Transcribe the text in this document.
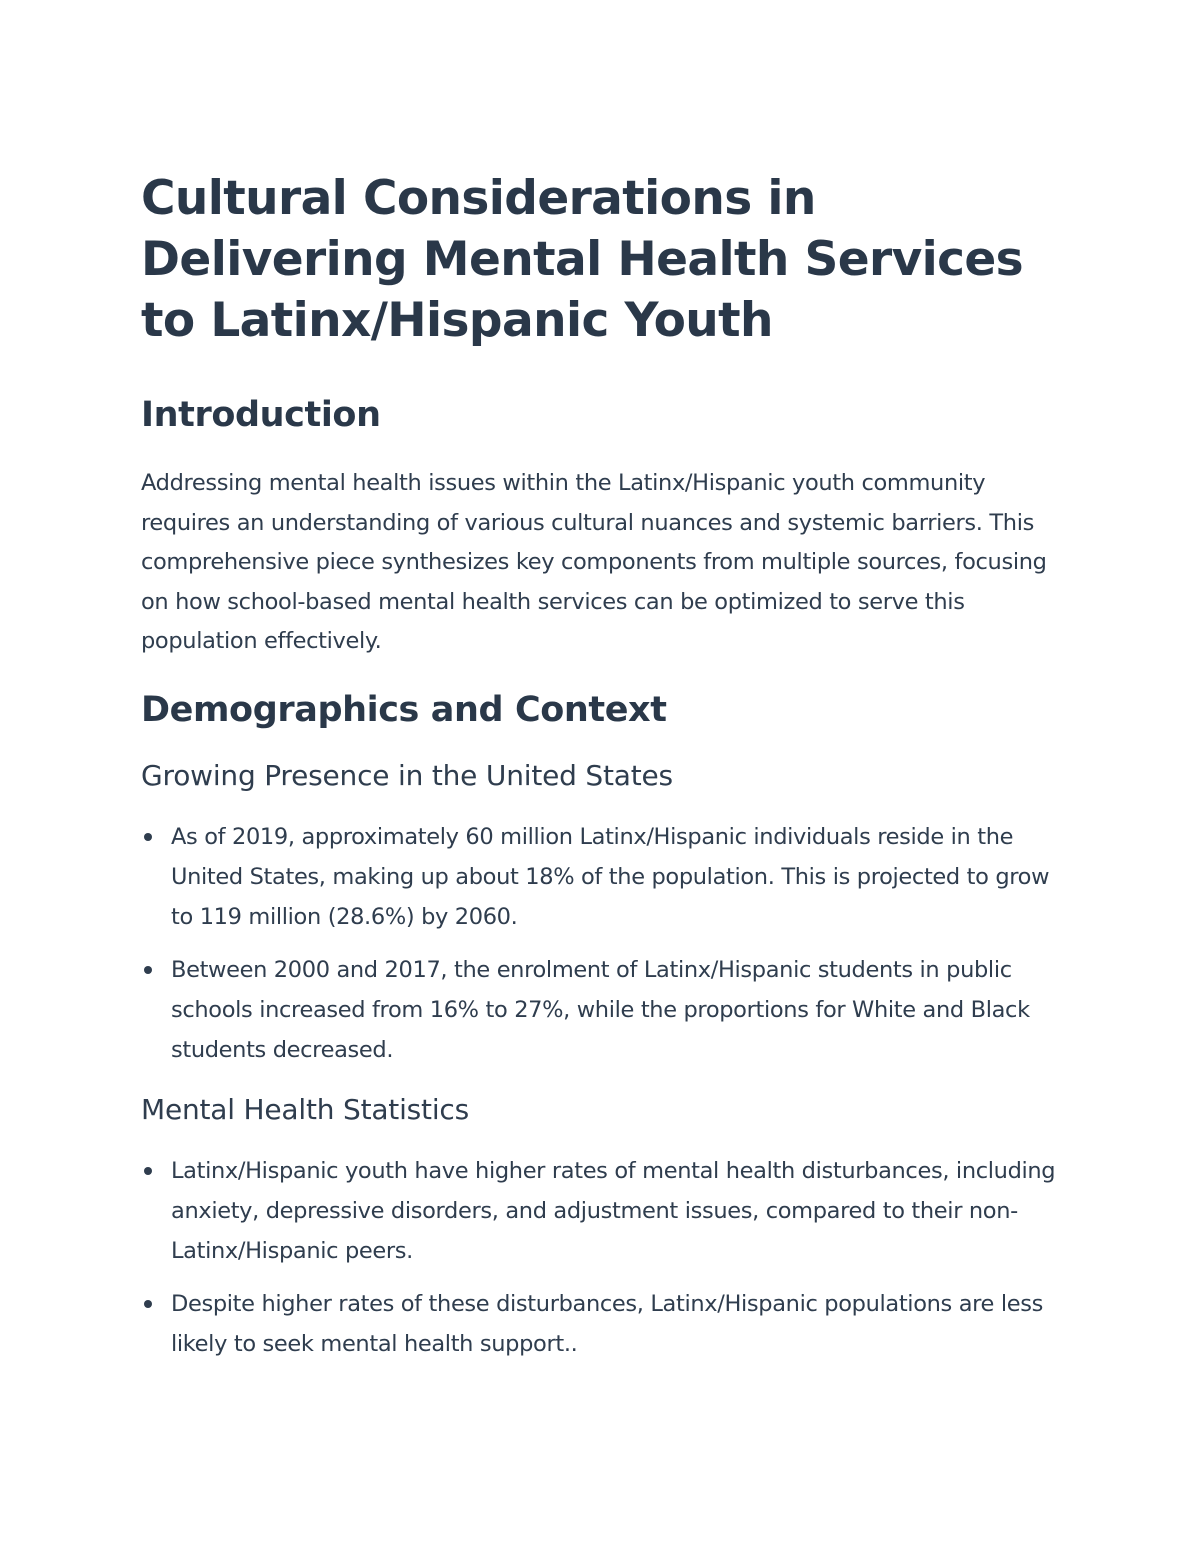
Cultural Considerations in Delivering Mental Health Services to Latinx/Hispanic Youth
Introduction

Addressing mental health issues within the Latinx/Hispanic youth community requires an understanding of various cultural nuances and systemic barriers. This comprehensive piece synthesizes key components from multiple sources, focusing on how school-based mental health services can be optimized to serve this population effectively.

Demographics and Context
Growing Presence in the United States
As of 2019, approximately 60 million Latinx/Hispanic individuals reside in the United States, making up about 18% of the population. This is projected to grow to 119 million (28.6%) by 2060.
Between 2000 and 2017, the enrolment of Latinx/Hispanic students in public schools increased from 16% to 27%, while the proportions for White and Black students decreased.
Mental Health Statistics
Latinx/Hispanic youth have higher rates of mental health disturbances, including anxiety, depressive disorders, and adjustment issues, compared to their non-Latinx/Hispanic peers.
Despite higher rates of these disturbances, Latinx/Hispanic populations are less likely to seek mental health support..
